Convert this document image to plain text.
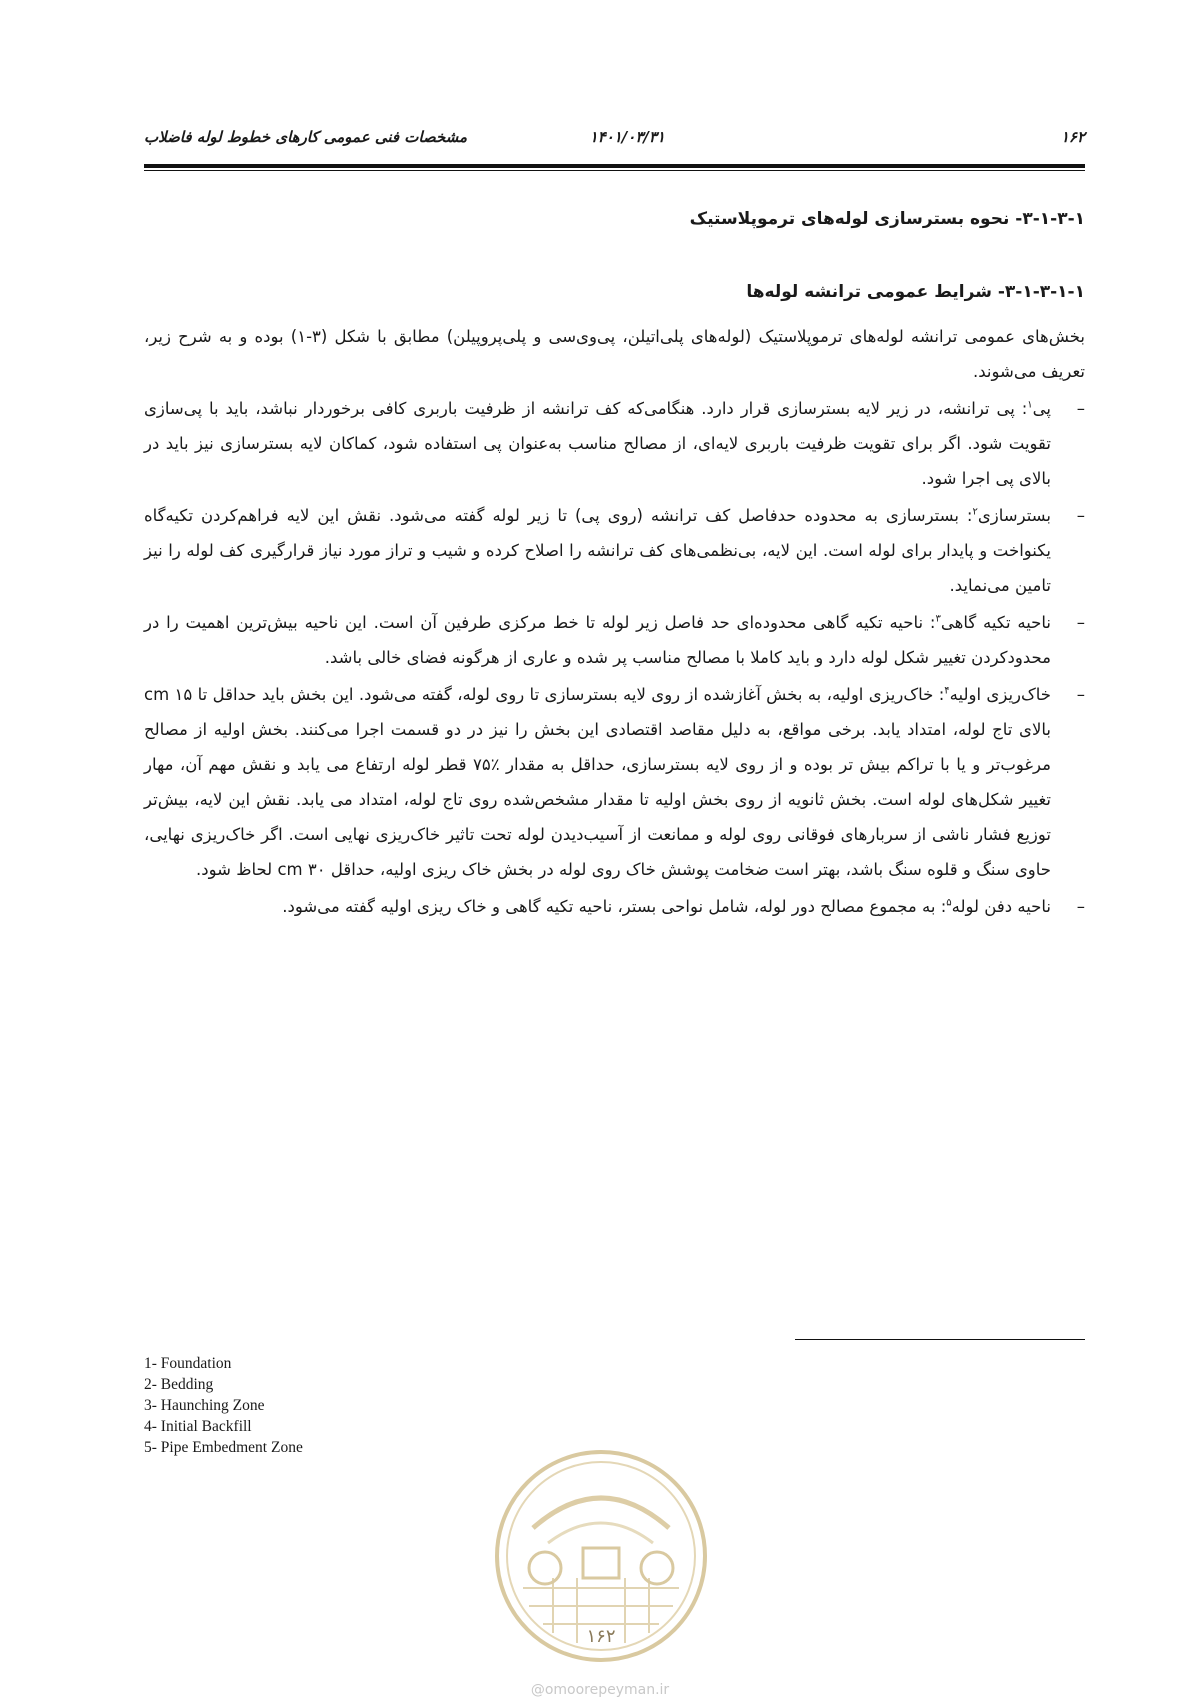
۱۶۲
۱۴۰۱/۰۳/۳۱
مشخصات فنی عمومی کارهای خطوط لوله فاضلاب
۳-۱-۳-۱- نحوه بسترسازی لوله‌های ترموپلاستیک
۳-۱-۳-۱-۱- شرایط عمومی ترانشه لوله‌ها

بخش‌های عمومی ترانشه لوله‌های ترموپلاستیک (لوله‌های پلی‌اتیلن، پی‌وی‌سی و پلی‌پروپیلن) مطابق با شکل (۳-۱) بوده و به شرح زیر، تعریف می‌شوند.

–
پی$^۱$: پی ترانشه، در زیر لایه بسترسازی قرار دارد. هنگامی‌که کف ترانشه از ظرفیت باربری کافی برخوردار نباشد، باید با پی‌سازی تقویت شود. اگر برای تقویت ظرفیت باربری لایه‌ای، از مصالح مناسب به‌عنوان پی استفاده شود، کماکان لایه بسترسازی نیز باید در بالای پی اجرا شود.
–
بسترسازی$^۲$: بسترسازی به محدوده حدفاصل کف ترانشه (روی پی) تا زیر لوله گفته می‌شود. نقش این لایه فراهم‌کردن تکیه‌گاه یکنواخت و پایدار برای لوله است. این لایه، بی‌نظمی‌های کف ترانشه را اصلاح کرده و شیب و تراز مورد نیاز قرارگیری کف لوله را نیز تامین می‌نماید.
–
ناحیه تکیه گاهی$^۳$: ناحیه تکیه گاهی محدوده‌ای حد فاصل زیر لوله تا خط مرکزی طرفین آن است. این ناحیه بیش‌ترین اهمیت را در محدودکردن تغییر شکل لوله دارد و باید کاملا با مصالح مناسب پر شده و عاری از هرگونه فضای خالی باشد.
–
خاک‌ریزی اولیه$^۴$: خاک‌ریزی اولیه، به بخش آغازشده از روی لایه بسترسازی تا روی لوله، گفته می‌شود. این بخش باید حداقل تا ۱۵ cm بالای تاج لوله، امتداد یابد. برخی مواقع، به دلیل مقاصد اقتصادی این بخش را نیز در دو قسمت اجرا می‌کنند. بخش اولیه از مصالح مرغوب‌تر و یا با تراکم بیش تر بوده و از روی لایه بسترسازی، حداقل به مقدار ٪۷۵ قطر لوله ارتفاع می یابد و نقش مهم آن، مهار تغییر شکل‌های لوله است. بخش ثانویه از روی بخش اولیه تا مقدار مشخص‌شده روی تاج لوله، امتداد می یابد. نقش این لایه، بیش‌تر توزیع فشار ناشی از سربارهای فوقانی روی لوله و ممانعت از آسیب‌دیدن لوله تحت تاثیر خاک‌ریزی نهایی است. اگر خاک‌ریزی نهایی، حاوی سنگ و قلوه سنگ باشد، بهتر است ضخامت پوشش خاک روی لوله در بخش خاک ریزی اولیه، حداقل ۳۰ cm لحاظ شود.
–
ناحیه دفن لوله$^۵$: به مجموع مصالح دور لوله، شامل نواحی بستر، ناحیه تکیه گاهی و خاک ریزی اولیه گفته می‌شود.
1- Foundation
2- Bedding
3- Haunching Zone
4- Initial Backfill
5- Pipe Embedment Zone
۱۶۲
@omoorepeyman.ir
